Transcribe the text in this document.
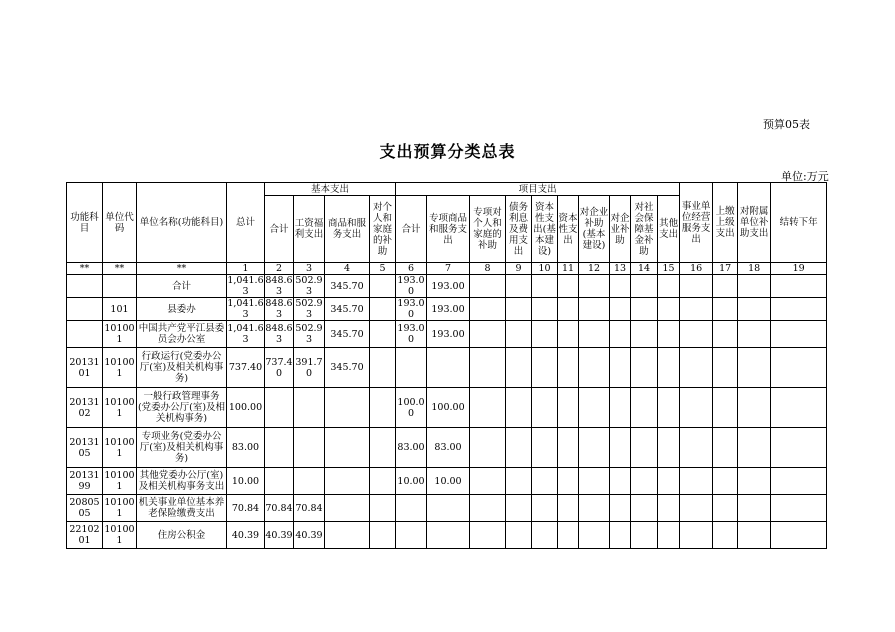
预算05表
支出预算分类总表
单位:万元
功能科目	单位代码	单位名称(功能科目)	总计	基本支出				项目支出										事业单位经营服务支出	上缴上级支出	对附属单位补助支出	结转下年
				合计	工资福利支出	商品和服务支出	对个人和家庭的补助	合计	专项商品和服务支出	专项对个人和家庭的补助	债务利息及费用支出	资本性支出(基本建设)	资本性支出	对企业补助(基本建设)	对企业补助	对社会保障基金补助	其他支出				
**	**	**	1	2	3	4	5	6	7	8	9	10	11	12	13	14	15	16	17	18	19
		合计	1,041.63	848.63	502.93	345.70		193.00	193.00												
	101	县委办	1,041.63	848.63	502.93	345.70		193.00	193.00												
	101001	中国共产党平江县委员会办公室	1,041.63	848.63	502.93	345.70		193.00	193.00												
2013101	101001	行政运行(党委办公厅(室)及相关机构事务)	737.40	737.40	391.70	345.70															
2013102	101001	一般行政管理事务(党委办公厅(室)及相关机构事务)	100.00					100.00	100.00												
2013105	101001	专项业务(党委办公厅(室)及相关机构事务)	83.00					83.00	83.00												
2013199	101001	其他党委办公厅(室)及相关机构事务支出	10.00					10.00	10.00												
2080505	101001	机关事业单位基本养老保险缴费支出	70.84	70.84	70.84																
2210201	101001	住房公积金	40.39	40.39	40.39																
